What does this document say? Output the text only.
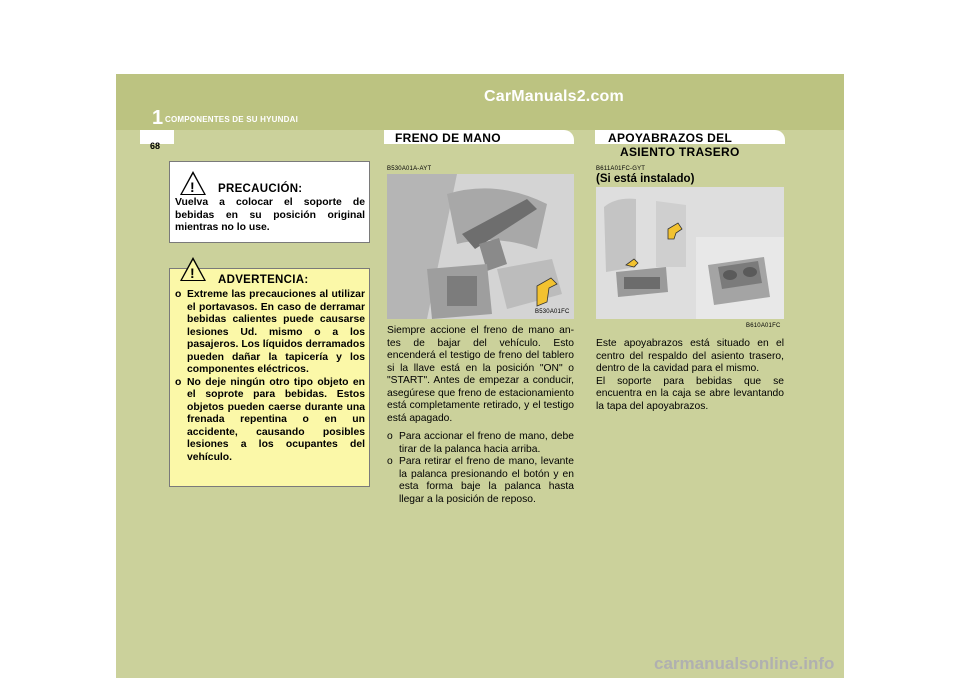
CarManuals2.com
1 COMPONENTES DE SU HYUNDAI
68
! PRECAUCIÓN:
Vuelva a colocar el soporte de bebidas en su posición original mientras no lo use.
! ADVERTENCIA:
o Extreme las precauciones al utilizar el portavasos. En caso de derramar bebidas calientes puede causarse lesiones Ud. mismo o a los pasajeros. Los líquidos derramados pueden dañar la tapicería y los componentes eléctricos.
o No deje ningún otro tipo objeto en el soprote para bebidas. Estos objetos pueden caerse durante una frenada repentina o en un accidente, causando posibles lesiones a los ocupantes del vehículo.
FRENO DE MANO
B530A01A-AYT
B530A01FC

Siempre accione el freno de mano an-tes de bajar del vehículo. Esto encenderá el testigo de freno del tablero si la llave está en la posición "ON" o "START". Antes de empezar a conducir, asegúrese que freno de estacionamiento está completamente retirado, y el testigo está apagado.

o Para accionar el freno de mano, debe tirar de la palanca hacia arriba.
o Para retirar el freno de mano, levante la palanca presionando el botón y en esta forma baje la palanca hasta llegar a la posición de reposo.
APOYABRAZOS DEL
ASIENTO TRASERO
B611A01FC-GYT
(Si está instalado)
B610A01FC

Este apoyabrazos está situado en el centro del respaldo del asiento trasero, dentro de la cavidad para el mismo.

El soporte para bebidas que se encuentra en la caja se abre levantando la tapa del apoyabrazos.

carmanualsonline.info
